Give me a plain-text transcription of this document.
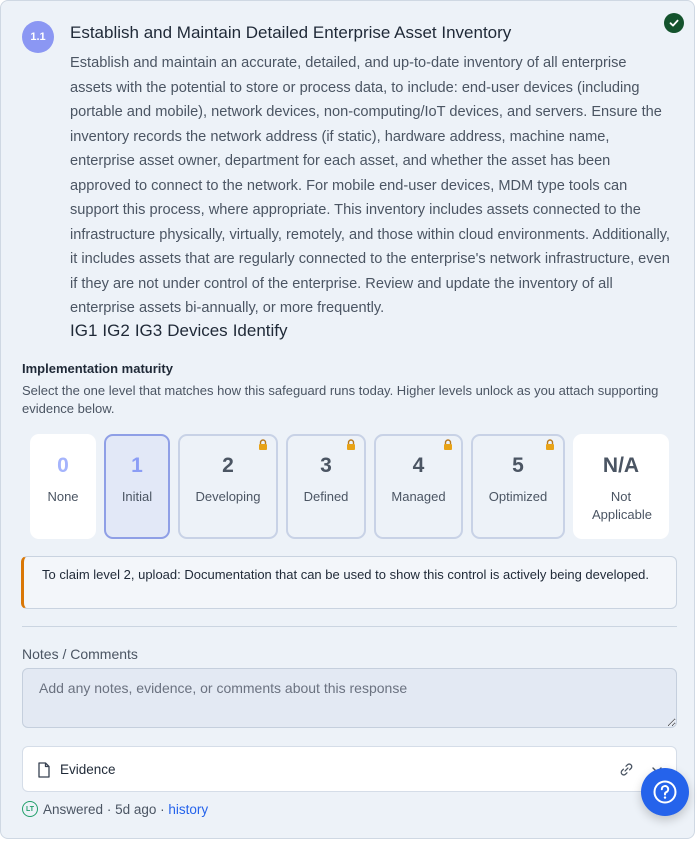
1.1 Establish and Maintain Detailed Enterprise Asset Inventory
Establish and maintain an accurate, detailed, and up-to-date inventory of all enterprise assets with the potential to store or process data, to include: end-user devices (including portable and mobile), network devices, non-computing/IoT devices, and servers. Ensure the inventory records the network address (if static), hardware address, machine name, enterprise asset owner, department for each asset, and whether the asset has been approved to connect to the network. For mobile end-user devices, MDM type tools can support this process, where appropriate. This inventory includes assets connected to the infrastructure physically, virtually, remotely, and those within cloud environments. Additionally, it includes assets that are regularly connected to the enterprise's network infrastructure, even if they are not under control of the enterprise. Review and update the inventory of all enterprise assets bi-annually, or more frequently.
IG1 IG2 IG3 Devices Identify
Implementation maturity
Select the one level that matches how this safeguard runs today. Higher levels unlock as you attach supporting evidence below.
0
None
1
Initial
2
Developing
3
Defined
4
Managed
5
Optimized
N/A
Not Applicable
To claim level 2, upload: Documentation that can be used to show this control is actively being developed.
Notes / Comments
Add any notes, evidence, or comments about this response
Evidence
LT Answered
·
5d ago
·
history
